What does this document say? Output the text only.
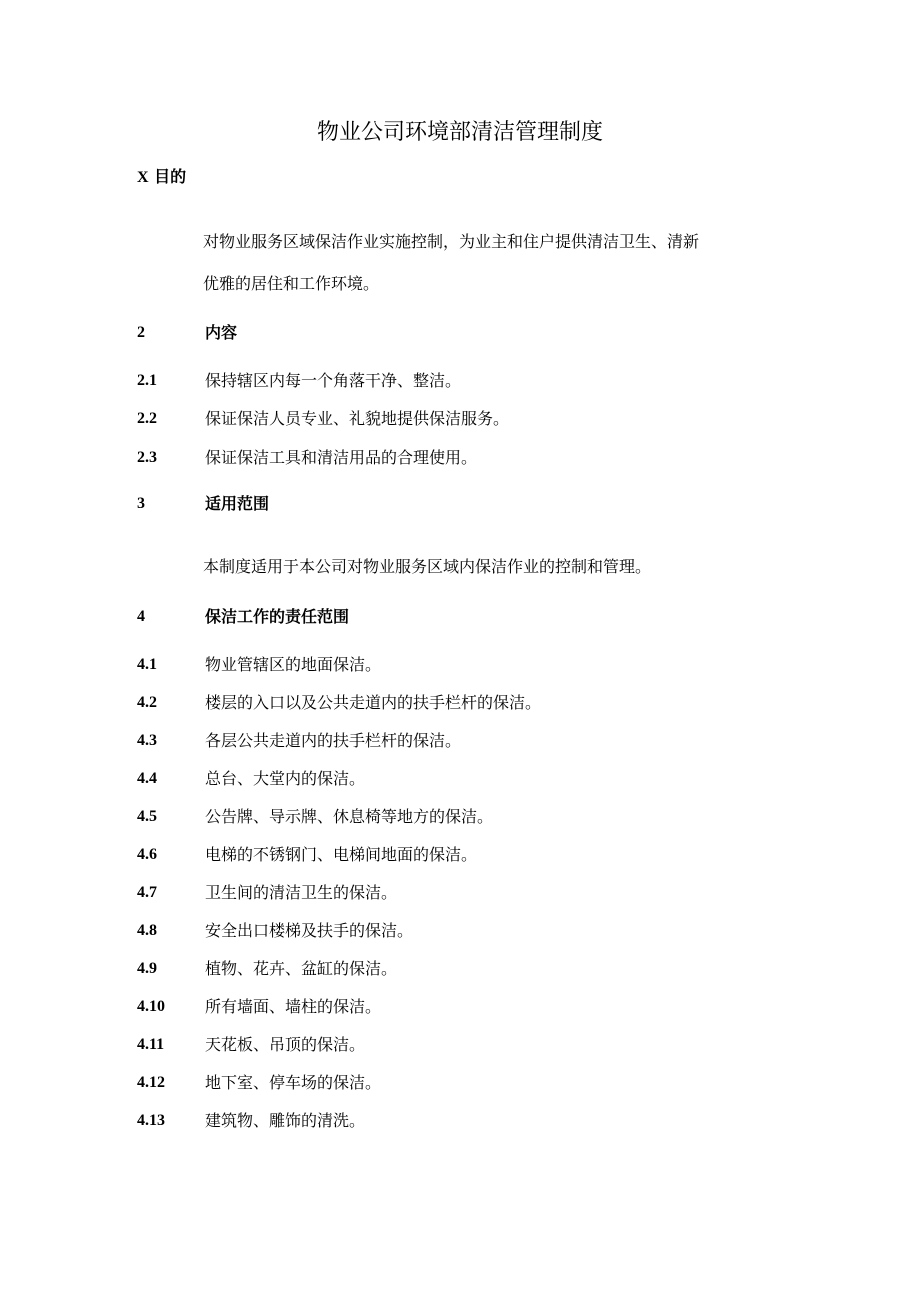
物业公司环境部清洁管理制度
X 目的
对物业服务区域保洁作业实施控制，为业主和住户提供清洁卫生、清新
优雅的居住和工作环境。
2	内容
2.1	保持辖区内每一个角落干净、整洁。
2.2	保证保洁人员专业、礼貌地提供保洁服务。
2.3	保证保洁工具和清洁用品的合理使用。
3	适用范围
本制度适用于本公司对物业服务区域内保洁作业的控制和管理。
4	保洁工作的责任范围
4.1	物业管辖区的地面保洁。
4.2	楼层的入口以及公共走道内的扶手栏杆的保洁。
4.3	各层公共走道内的扶手栏杆的保洁。
4.4	总台、大堂内的保洁。
4.5	公告牌、导示牌、休息椅等地方的保洁。
4.6	电梯的不锈钢门、电梯间地面的保洁。
4.7	卫生间的清洁卫生的保洁。
4.8	安全出口楼梯及扶手的保洁。
4.9	植物、花卉、盆缸的保洁。
4.10	所有墙面、墙柱的保洁。
4.11	天花板、吊顶的保洁。
4.12	地下室、停车场的保洁。
4.13	建筑物、雕饰的清洗。
